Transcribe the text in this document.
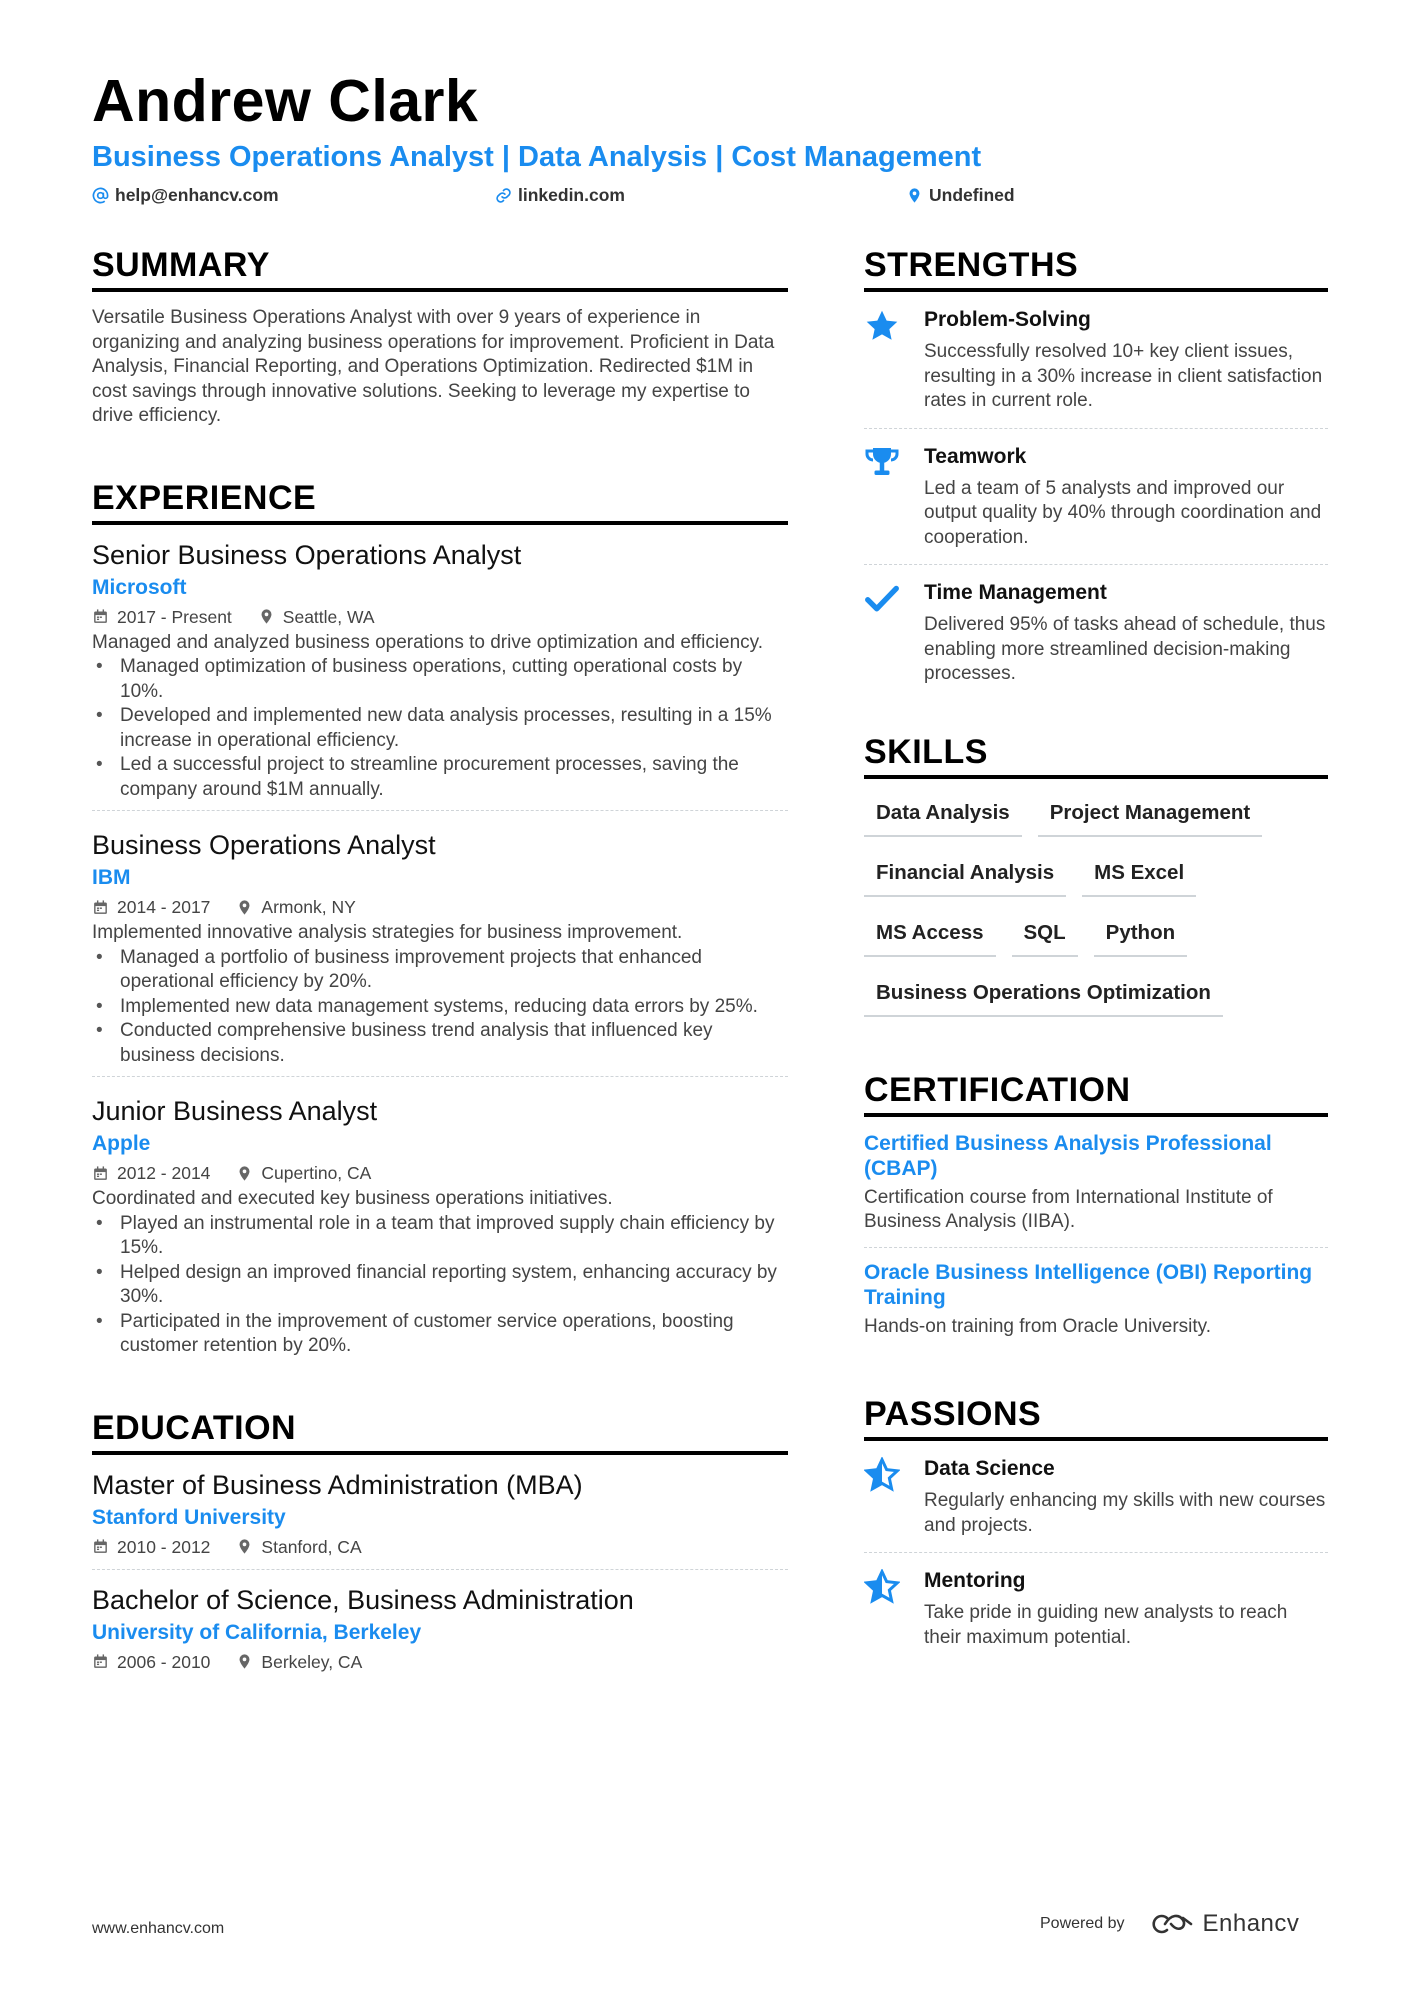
Andrew Clark
Business Operations Analyst | Data Analysis | Cost Management
help@enhancv.com	linkedin.com	Undefined
SUMMARY
Versatile Business Operations Analyst with over 9 years of experience in organizing and analyzing business operations for improvement. Proficient in Data Analysis, Financial Reporting, and Operations Optimization. Redirected $1M in cost savings through innovative solutions. Seeking to leverage my expertise to drive efficiency.
EXPERIENCE
Senior Business Operations Analyst
Microsoft
2017 - Present	Seattle, WA
Managed and analyzed business operations to drive optimization and efficiency.
• Managed optimization of business operations, cutting operational costs by 10%.
• Developed and implemented new data analysis processes, resulting in a 15% increase in operational efficiency.
• Led a successful project to streamline procurement processes, saving the company around $1M annually.
Business Operations Analyst
IBM
2014 - 2017	Armonk, NY
Implemented innovative analysis strategies for business improvement.
• Managed a portfolio of business improvement projects that enhanced operational efficiency by 20%.
• Implemented new data management systems, reducing data errors by 25%.
• Conducted comprehensive business trend analysis that influenced key business decisions.
Junior Business Analyst
Apple
2012 - 2014	Cupertino, CA
Coordinated and executed key business operations initiatives.
• Played an instrumental role in a team that improved supply chain efficiency by 15%.
• Helped design an improved financial reporting system, enhancing accuracy by 30%.
• Participated in the improvement of customer service operations, boosting customer retention by 20%.
EDUCATION
Master of Business Administration (MBA)
Stanford University
2010 - 2012	Stanford, CA
Bachelor of Science, Business Administration
University of California, Berkeley
2006 - 2010	Berkeley, CA
STRENGTHS
Problem-Solving
Successfully resolved 10+ key client issues, resulting in a 30% increase in client satisfaction rates in current role.
Teamwork
Led a team of 5 analysts and improved our output quality by 40% through coordination and cooperation.
Time Management
Delivered 95% of tasks ahead of schedule, thus enabling more streamlined decision-making processes.
SKILLS
Data Analysis	Project Management
Financial Analysis	MS Excel
MS Access	SQL	Python
Business Operations Optimization
CERTIFICATION
Certified Business Analysis Professional (CBAP)
Certification course from International Institute of Business Analysis (IIBA).
Oracle Business Intelligence (OBI) Reporting Training
Hands-on training from Oracle University.
PASSIONS
Data Science
Regularly enhancing my skills with new courses and projects.
Mentoring
Take pride in guiding new analysts to reach their maximum potential.
www.enhancv.com	Powered by	Enhancv
